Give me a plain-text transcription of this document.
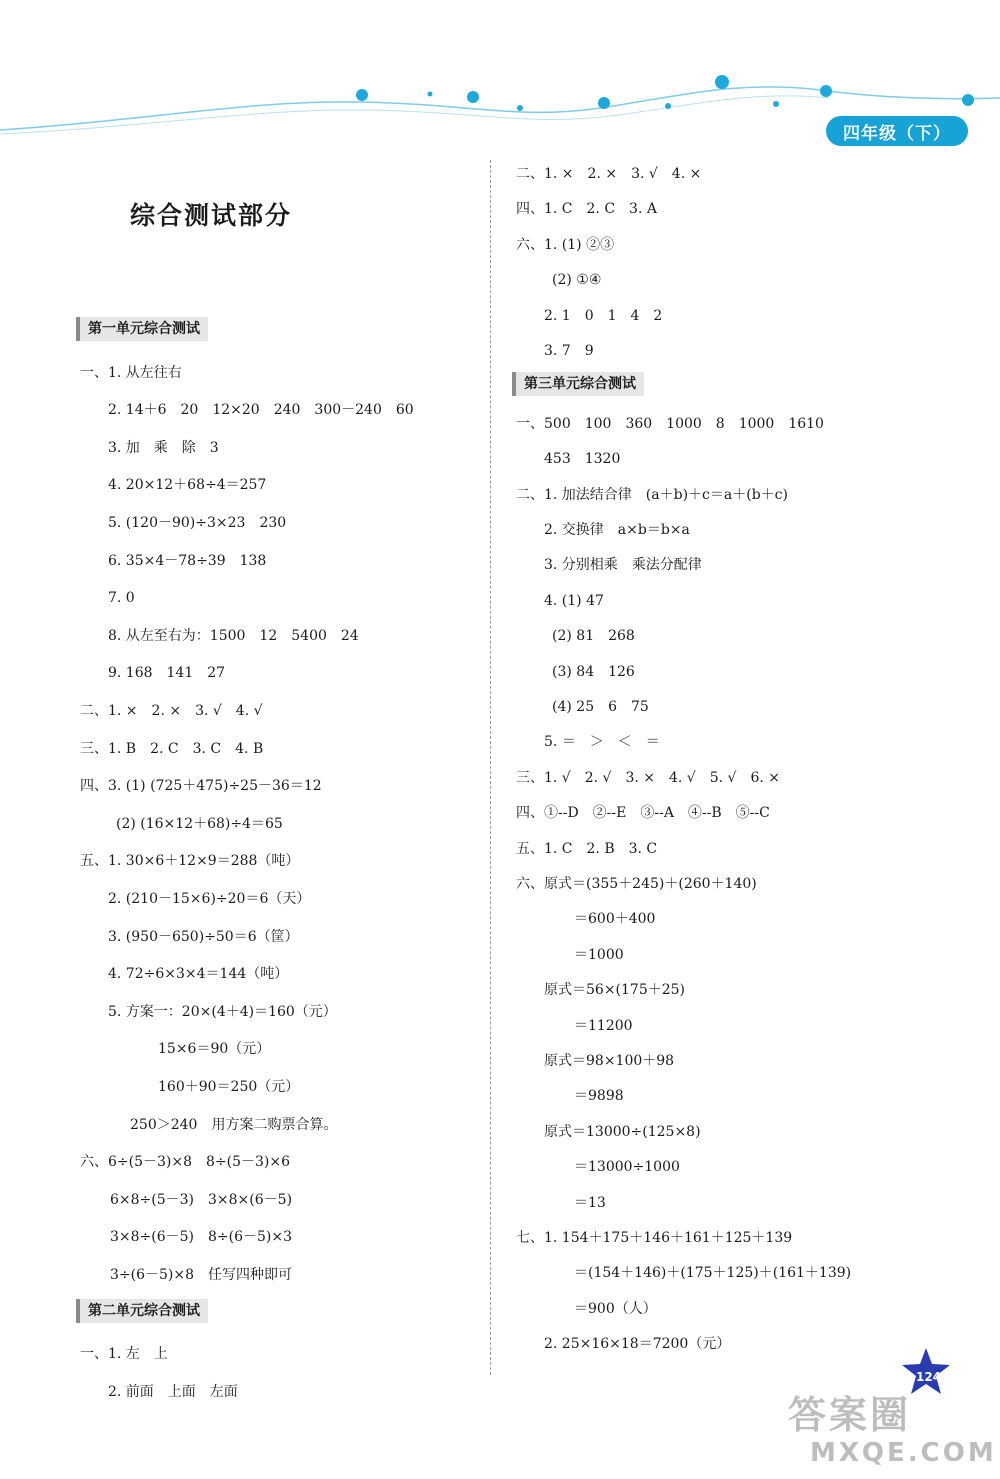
四年级（下）
综合测试部分
第一单元综合测试
一、1. 从左往右
2. 14＋6　20　12×20　240　300－240　60
3. 加　乘　除　3
4. 20×12＋68÷4＝257
5. (120－90)÷3×23　230
6. 35×4－78÷39　138
7. 0
8. 从左至右为：1500　12　5400　24
9. 168　141　27
二、1. ×　2. ×　3. √　4. √
三、1. B　2. C　3. C　4. B
四、3. (1) (725＋475)÷25－36＝12
(2) (16×12＋68)÷4＝65
五、1. 30×6＋12×9＝288（吨）
2. (210－15×6)÷20＝6（天）
3. (950－650)÷50＝6（筐）
4. 72÷6×3×4＝144（吨）
5. 方案一：20×(4＋4)＝160（元）
15×6＝90（元）
160＋90＝250（元）
250＞240　用方案二购票合算。
六、6÷(5－3)×8　8÷(5－3)×6
6×8÷(5－3)　3×8×(6－5)
3×8÷(6－5)　8÷(6－5)×3
3÷(6－5)×8　任写四种即可
第二单元综合测试
一、1. 左　上
2. 前面　上面　左面
二、1. ×　2. ×　3. √　4. ×
四、1. C　2. C　3. A
六、1. (1) ②③
(2) ①④
2. 1　0　1　4　2
3. 7　9
第三单元综合测试
一、500　100　360　1000　8　1000　1610
453　1320
二、1. 加法结合律　(a＋b)＋c＝a＋(b＋c)
2. 交换律　a×b＝b×a
3. 分别相乘　乘法分配律
4. (1) 47
(2) 81　268
(3) 84　126
(4) 25　6　75
5. ＝　＞　＜　＝
三、1. √　2. √　3. ×　4. √　5. √　6. ×
四、①--D　②--E　③--A　④--B　⑤--C
五、1. C　2. B　3. C
六、原式＝(355＋245)＋(260＋140)
＝600＋400
＝1000
原式＝56×(175＋25)
＝11200
原式＝98×100＋98
＝9898
原式＝13000÷(125×8)
＝13000÷1000
＝13
七、1. 154＋175＋146＋161＋125＋139
＝(154＋146)＋(175＋125)＋(161＋139)
＝900（人）
2. 25×16×18＝7200（元）
124
答案圈
MXQE.COM
